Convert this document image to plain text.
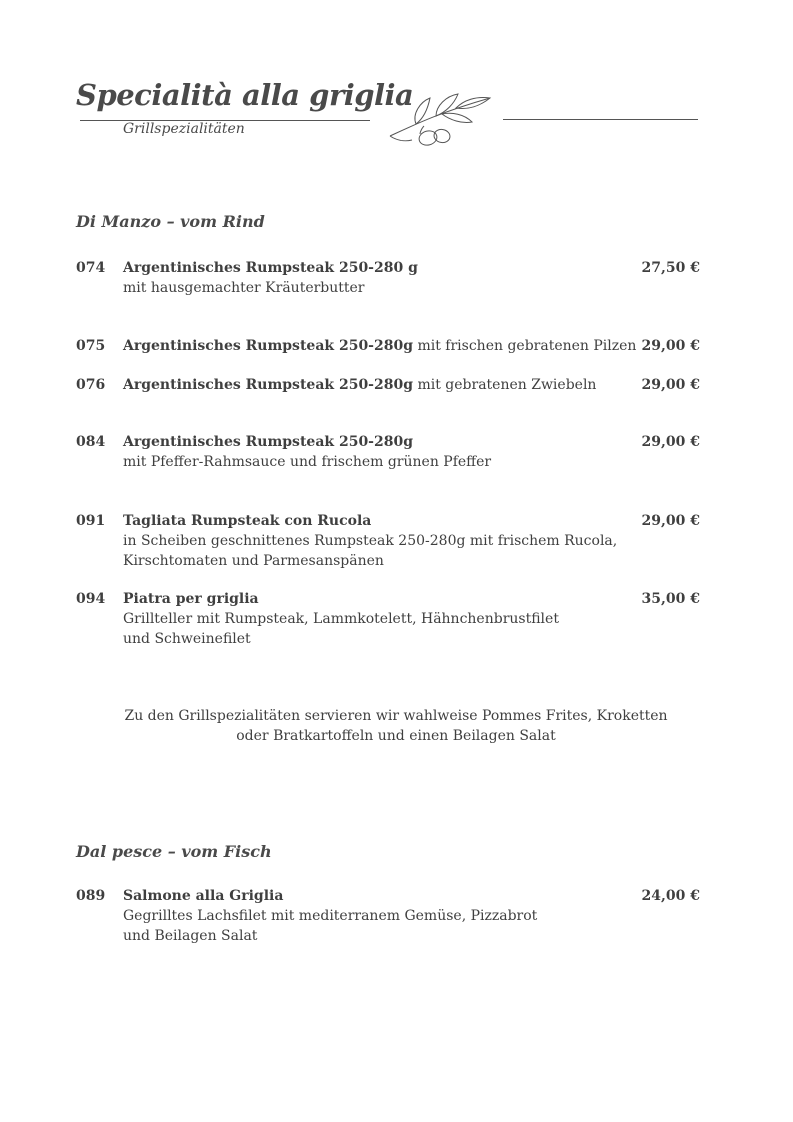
Specialità alla griglia
Grillspezialitäten
Di Manzo – vom Rind
074 Argentinisches Rumpsteak 250-280 g	27,50 €
mit hausgemachter Kräuterbutter
075 Argentinisches Rumpsteak 250-280g mit frischen gebratenen Pilzen 29,00 €
076 Argentinisches Rumpsteak 250-280g mit gebratenen Zwiebeln	29,00 €
084 Argentinisches Rumpsteak 250-280g	29,00 €
mit Pfeffer-Rahmsauce und frischem grünen Pfeffer
091 Tagliata Rumpsteak con Rucola	29,00 €
in Scheiben geschnittenes Rumpsteak 250-280g mit frischem Rucola,
Kirschtomaten und Parmesanspänen
094 Piatra per griglia	35,00 €
Grillteller mit Rumpsteak, Lammkotelett, Hähnchenbrustfilet
und Schweinefilet
Zu den Grillspezialitäten servieren wir wahlweise Pommes Frites, Kroketten
oder Bratkartoffeln und einen Beilagen Salat
Dal pesce – vom Fisch
089 Salmone alla Griglia	24,00 €
Gegrilltes Lachsfilet mit mediterranem Gemüse, Pizzabrot
und Beilagen Salat
